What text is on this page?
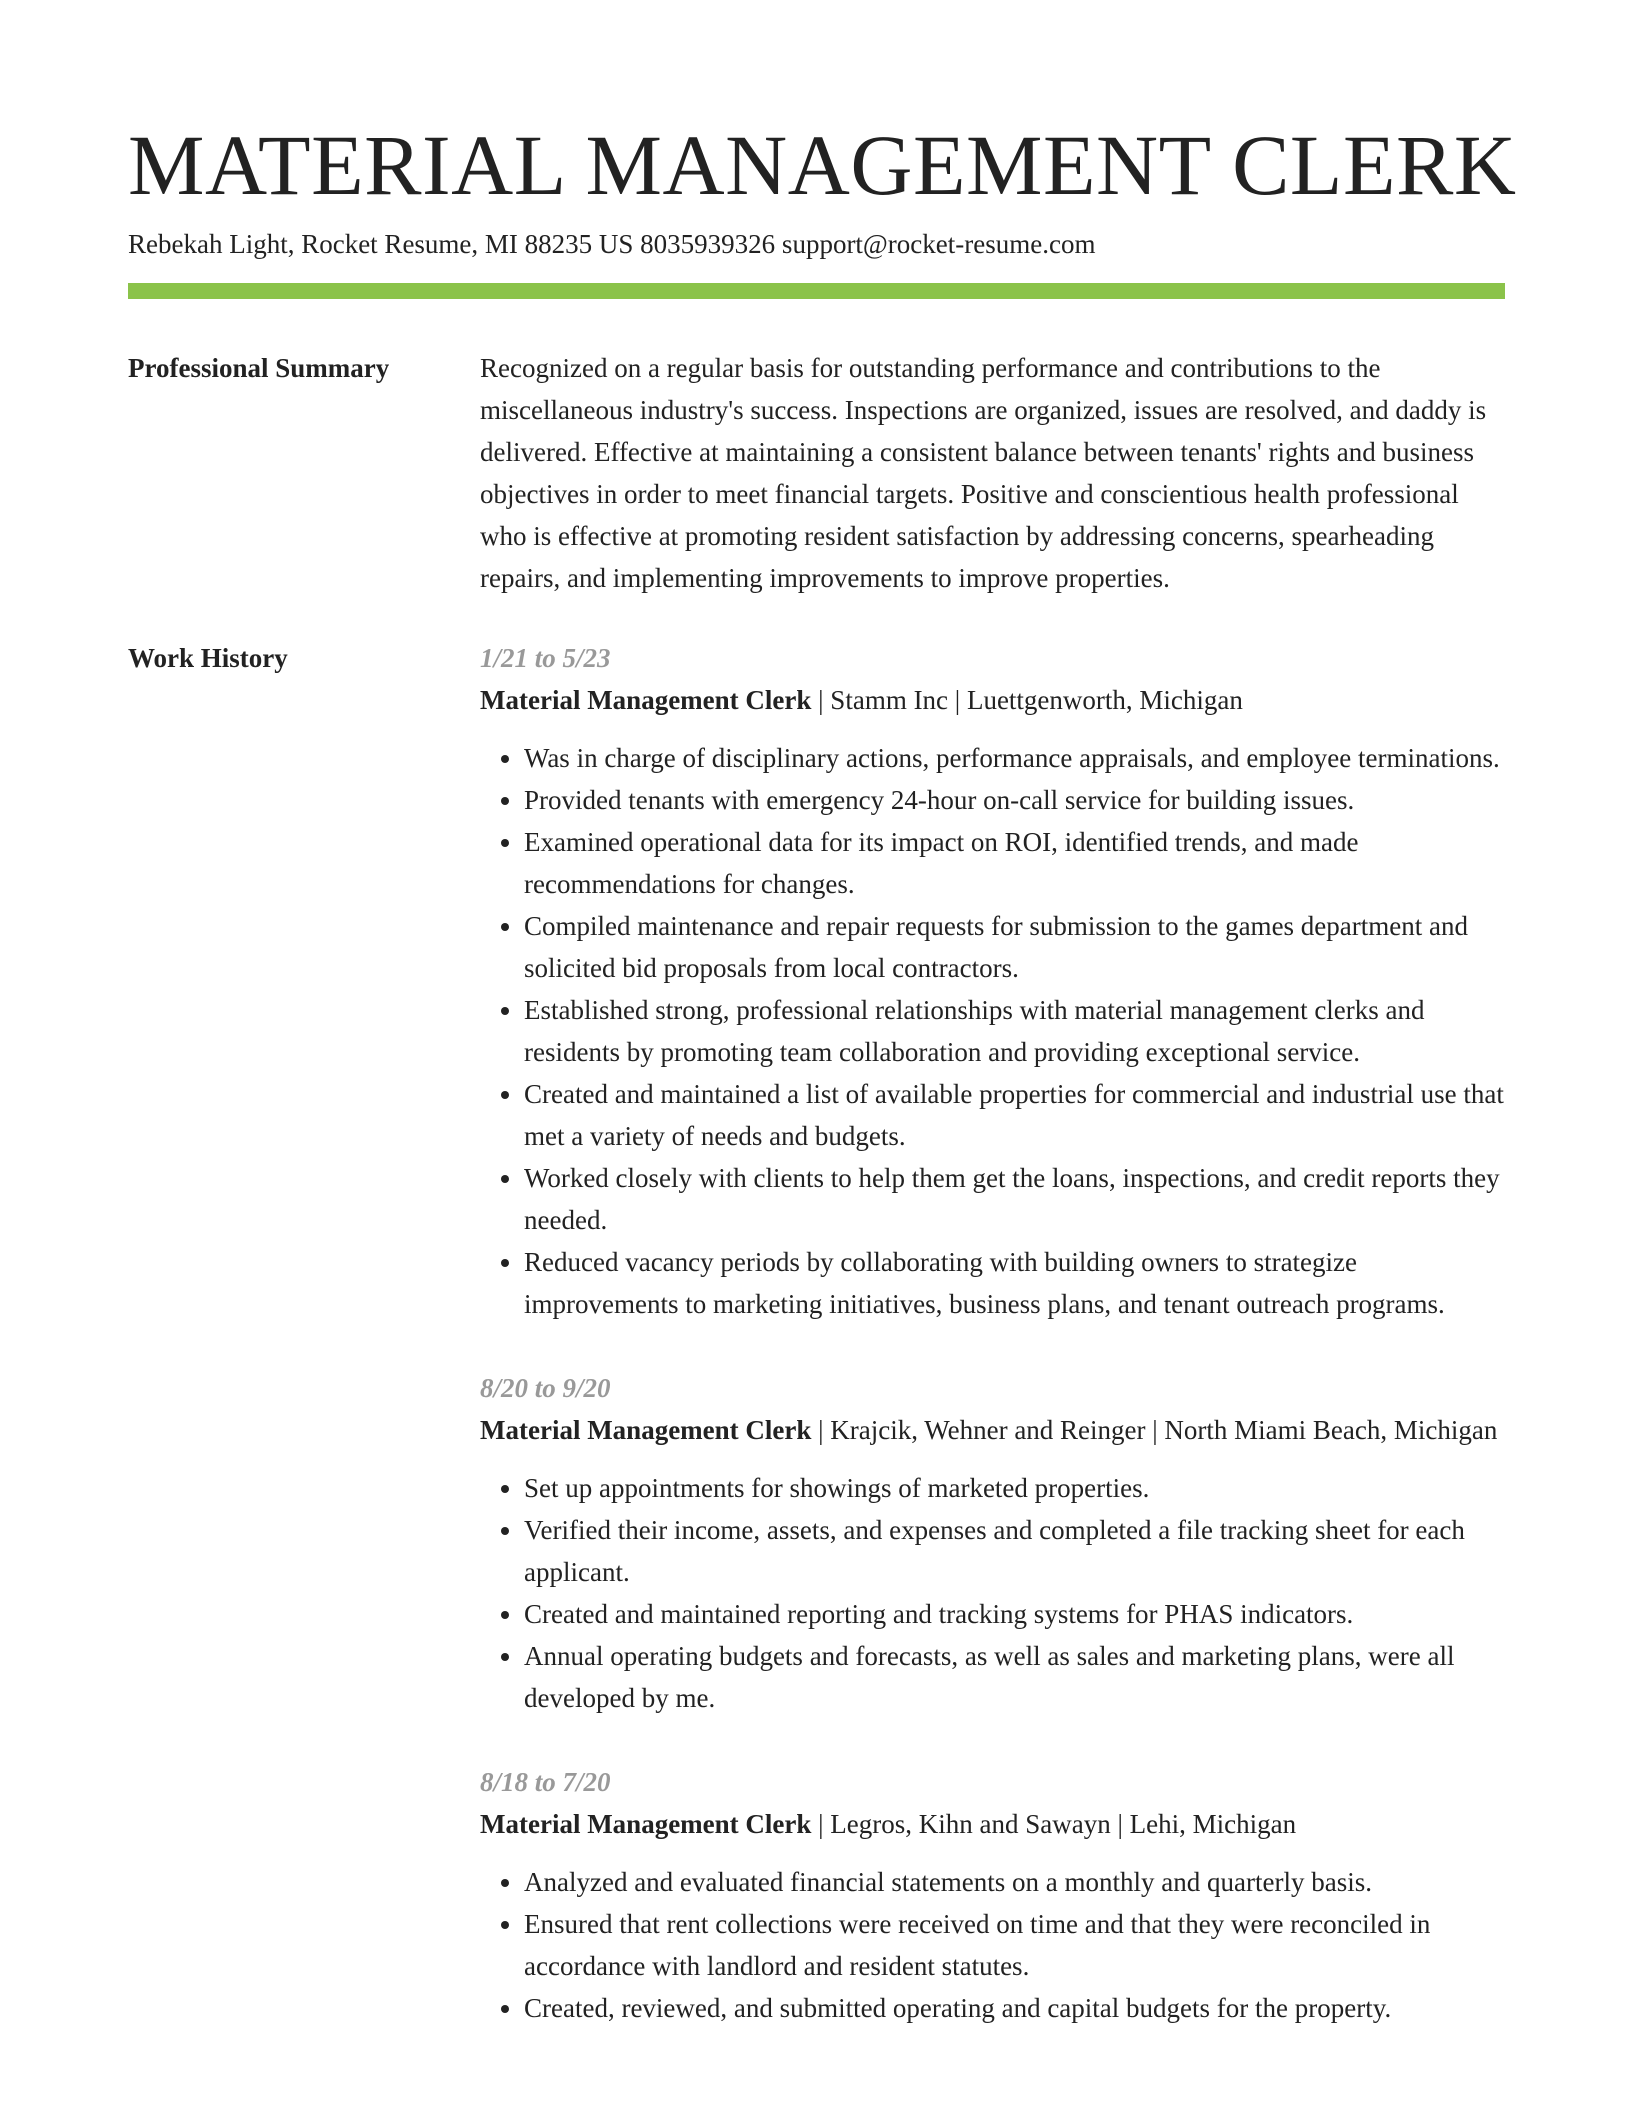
MATERIAL MANAGEMENT CLERK
Rebekah Light, Rocket Resume, MI 88235 US 8035939326 support@rocket-resume.com
Professional Summary	Recognized on a regular basis for outstanding performance and contributions to the miscellaneous industry's success. Inspections are organized, issues are resolved, and daddy is delivered. Effective at maintaining a consistent balance between tenants' rights and business objectives in order to meet financial targets. Positive and conscientious health professional who is effective at promoting resident satisfaction by addressing concerns, spearheading repairs, and implementing improvements to improve properties.

Work History	1/21 to 5/23
Material Management Clerk | Stamm Inc | Luettgenworth, Michigan
• Was in charge of disciplinary actions, performance appraisals, and employee terminations.
• Provided tenants with emergency 24-hour on-call service for building issues.
• Examined operational data for its impact on ROI, identified trends, and made recommendations for changes.
• Compiled maintenance and repair requests for submission to the games department and solicited bid proposals from local contractors.
• Established strong, professional relationships with material management clerks and residents by promoting team collaboration and providing exceptional service.
• Created and maintained a list of available properties for commercial and industrial use that met a variety of needs and budgets.
• Worked closely with clients to help them get the loans, inspections, and credit reports they needed.
• Reduced vacancy periods by collaborating with building owners to strategize improvements to marketing initiatives, business plans, and tenant outreach programs.
8/20 to 9/20
Material Management Clerk | Krajcik, Wehner and Reinger | North Miami Beach, Michigan
• Set up appointments for showings of marketed properties.
• Verified their income, assets, and expenses and completed a file tracking sheet for each applicant.
• Created and maintained reporting and tracking systems for PHAS indicators.
• Annual operating budgets and forecasts, as well as sales and marketing plans, were all developed by me.
8/18 to 7/20
Material Management Clerk | Legros, Kihn and Sawayn | Lehi, Michigan
• Analyzed and evaluated financial statements on a monthly and quarterly basis.
• Ensured that rent collections were received on time and that they were reconciled in accordance with landlord and resident statutes.
• Created, reviewed, and submitted operating and capital budgets for the property.
